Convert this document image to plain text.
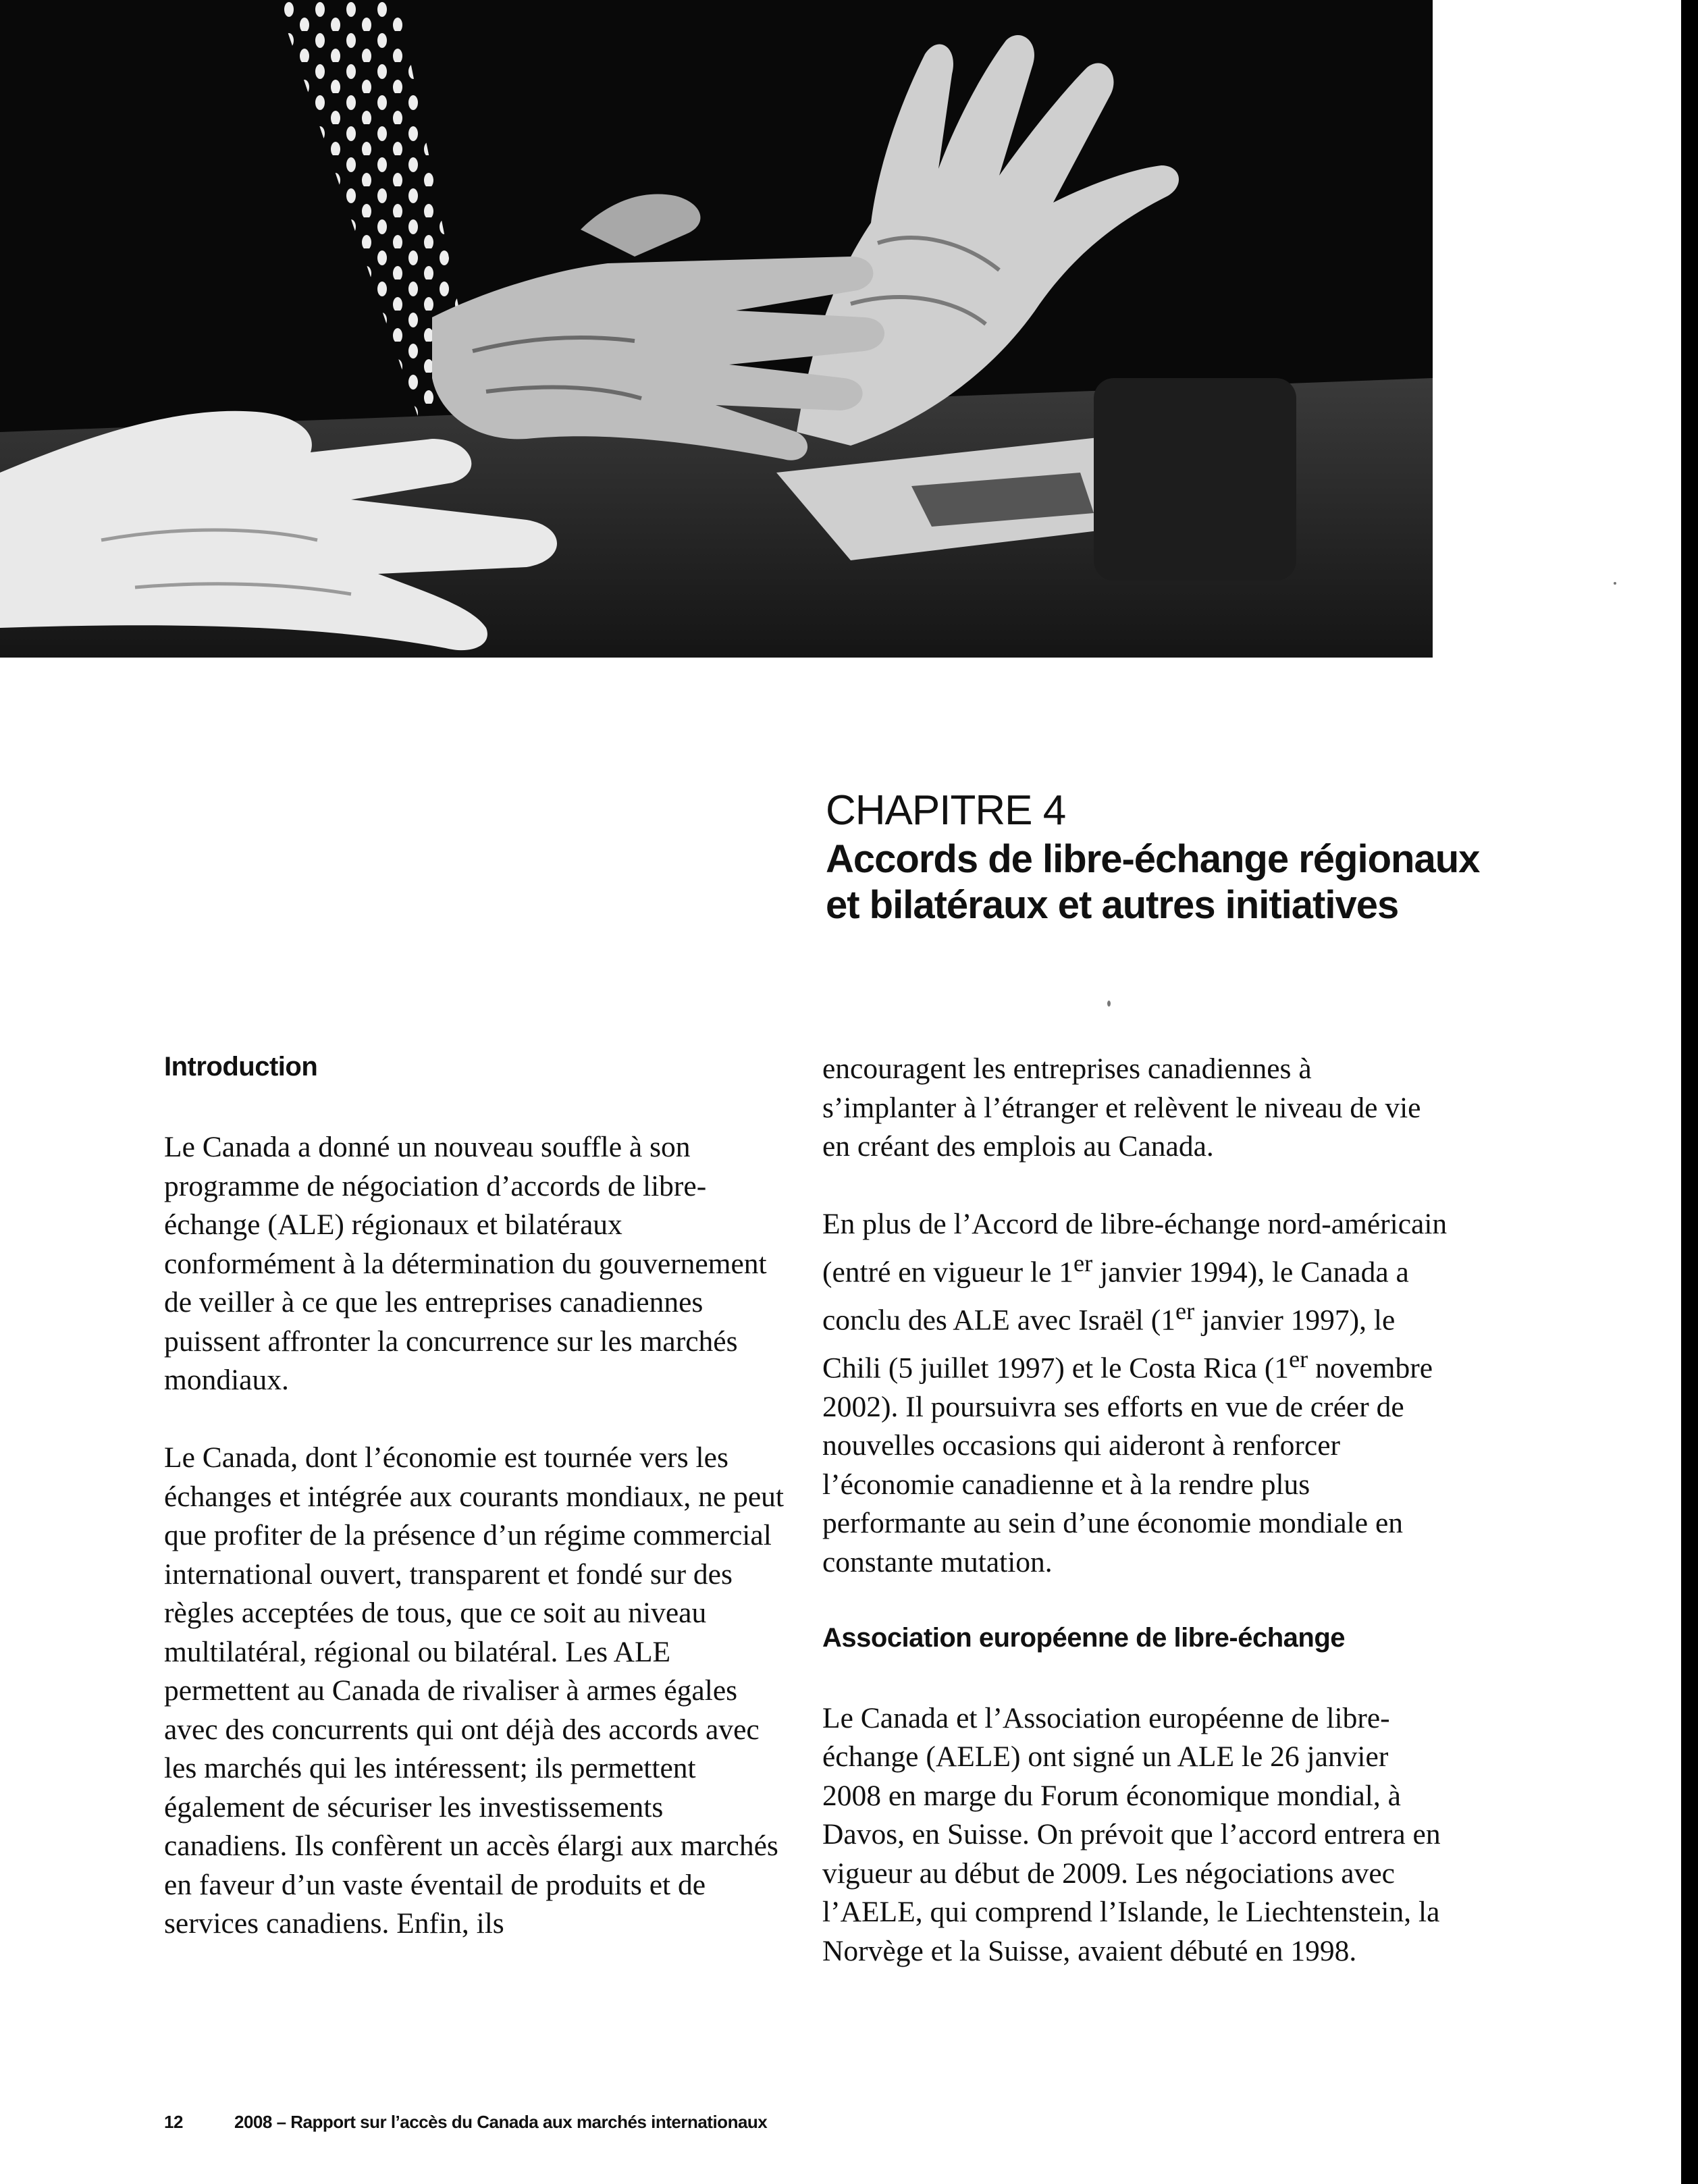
CHAPITRE 4
Accords de libre-échange régionaux
et bilatéraux et autres initiatives
Introduction

Le Canada a donné un nouveau souffle à son programme de négociation d’accords de libre-échange (ALE) régionaux et bilatéraux conformément à la détermination du gouvernement de veiller à ce que les entreprises canadiennes puissent affronter la concurrence sur les marchés mondiaux.

Le Canada, dont l’économie est tournée vers les échanges et intégrée aux courants mondiaux, ne peut que profiter de la présence d’un régime commercial international ouvert, transparent et fondé sur des règles acceptées de tous, que ce soit au niveau multilatéral, régional ou bilatéral. Les ALE permettent au Canada de rivaliser à armes égales avec des concurrents qui ont déjà des accords avec les marchés qui les intéressent; ils permettent également de sécuriser les investissements canadiens. Ils confèrent un accès élargi aux marchés en faveur d’un vaste éventail de produits et de services canadiens. Enfin, ils

encouragent les entreprises canadiennes à s’implanter à l’étranger et relèvent le niveau de vie en créant des emplois au Canada.

En plus de l’Accord de libre-échange nord-américain (entré en vigueur le 1er janvier 1994), le Canada a conclu des ALE avec Israël (1er janvier 1997), le Chili (5 juillet 1997) et le Costa Rica (1er novembre 2002). Il poursuivra ses efforts en vue de créer de nouvelles occasions qui aideront à renforcer l’économie canadienne et à la rendre plus performante au sein d’une économie mondiale en constante mutation.

Association européenne de libre-échange

Le Canada et l’Association européenne de libre-échange (AELE) ont signé un ALE le 26 janvier 2008 en marge du Forum économique mondial, à Davos, en Suisse. On prévoit que l’accord entrera en vigueur au début de 2009. Les négociations avec l’AELE, qui comprend l’Islande, le Liechtenstein, la Norvège et la Suisse, avaient débuté en 1998.

12	2008 – Rapport sur l’accès du Canada aux marchés internationaux
